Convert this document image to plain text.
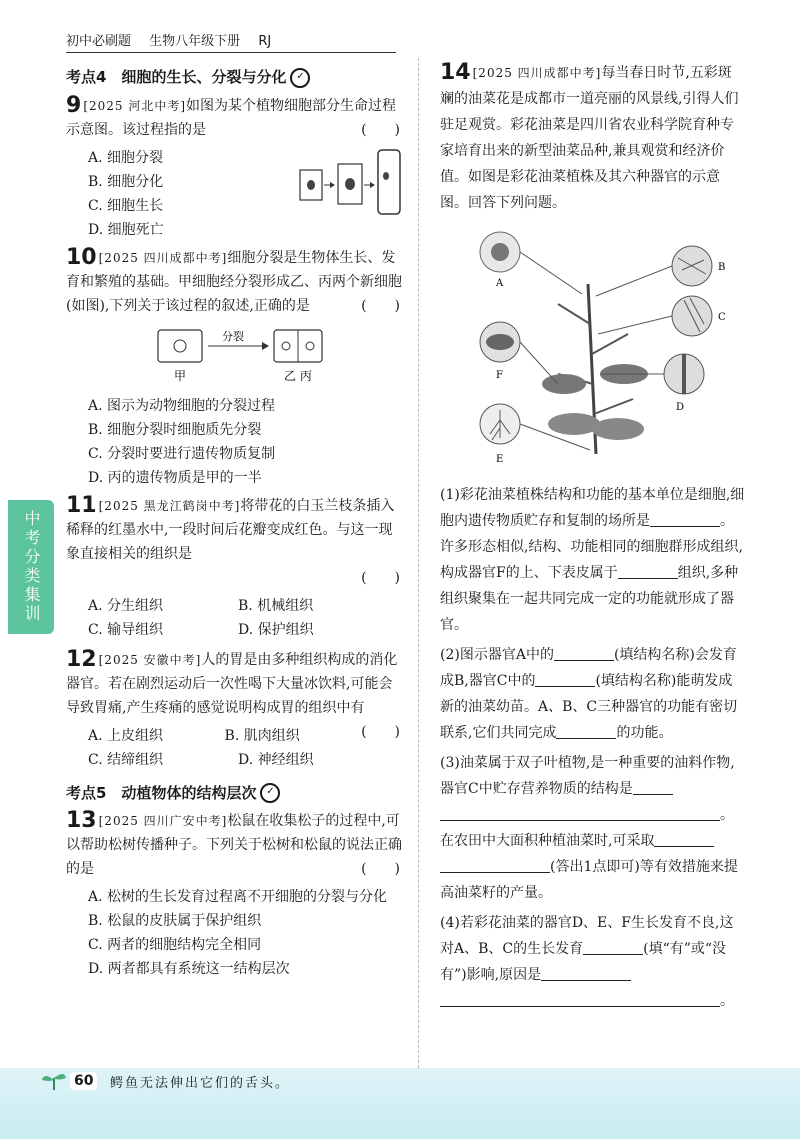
初中必刷题 生物八年级下册 RJ
中考分类集训
考点4　细胞的生长、分裂与分化 ✓
9 [2025 河北中考]如图为某个植物细胞部分生命过程示意图。该过程指的是	(　　)
A. 细胞分裂
B. 细胞分化
C. 细胞生长
D. 细胞死亡
10 [2025 四川成都中考]细胞分裂是生物体生长、发育和繁殖的基础。甲细胞经分裂形成乙、丙两个新细胞(如图),下列关于该过程的叙述,正确的是	(　　)
分裂
甲	乙 丙
A. 图示为动物细胞的分裂过程
B. 细胞分裂时细胞质先分裂
C. 分裂时要进行遗传物质复制
D. 丙的遗传物质是甲的一半
11 [2025 黑龙江鹤岗中考]将带花的白玉兰枝条插入稀释的红墨水中,一段时间后花瓣变成红色。与这一现象直接相关的组织是
(　　)
A. 分生组织	B. 机械组织
C. 输导组织	D. 保护组织
12 [2025 安徽中考]人的胃是由多种组织构成的消化器官。若在剧烈运动后一次性喝下大量冰饮料,可能会导致胃痛,产生疼痛的感觉说明构成胃的组织中有
(　　)
A. 上皮组织	B. 肌肉组织
C. 结缔组织	D. 神经组织
考点5　动植物体的结构层次 ✓
13 [2025 四川广安中考]松鼠在收集松子的过程中,可以帮助松树传播种子。下列关于松树和松鼠的说法正确的是	(　　)
A. 松树的生长发育过程离不开细胞的分裂与分化
B. 松鼠的皮肤属于保护组织
C. 两者的细胞结构完全相同
D. 两者都具有系统这一结构层次
14 [2025 四川成都中考]每当春日时节,五彩斑斓的油菜花是成都市一道亮丽的风景线,引得人们驻足观赏。彩花油菜是四川省农业科学院育种专家培育出来的新型油菜品种,兼具观赏和经济价值。如图是彩花油菜植株及其六种器官的示意图。回答下列问题。
A
B
C
D
F
E
(1)彩花油菜植株结构和功能的基本单位是细胞,细胞内遗传物质贮存和复制的场所是	。许多形态相似,结构、功能相同的细胞群形成组织,构成器官F的上、下表皮属于	组织,多种组织聚集在一起共同完成一定的功能就形成了器官。
(2)图示器官A中的	(填结构名称)会发育成B,器官C中的	(填结构名称)能萌发成新的油菜幼苗。A、B、C三种器官的功能有密切联系,它们共同完成	的功能。
(3)油菜属于双子叶植物,是一种重要的油料作物,器官C中贮存营养物质的结构是
。
在农田中大面积种植油菜时,可采取
(答出1点即可)等有效措施来提高油菜籽的产量。
(4)若彩花油菜的器官D、E、F生长发育不良,这对A、B、C的生长发育	(填“有”或“没有”)影响,原因是
。
60	鳄鱼无法伸出它们的舌头。
